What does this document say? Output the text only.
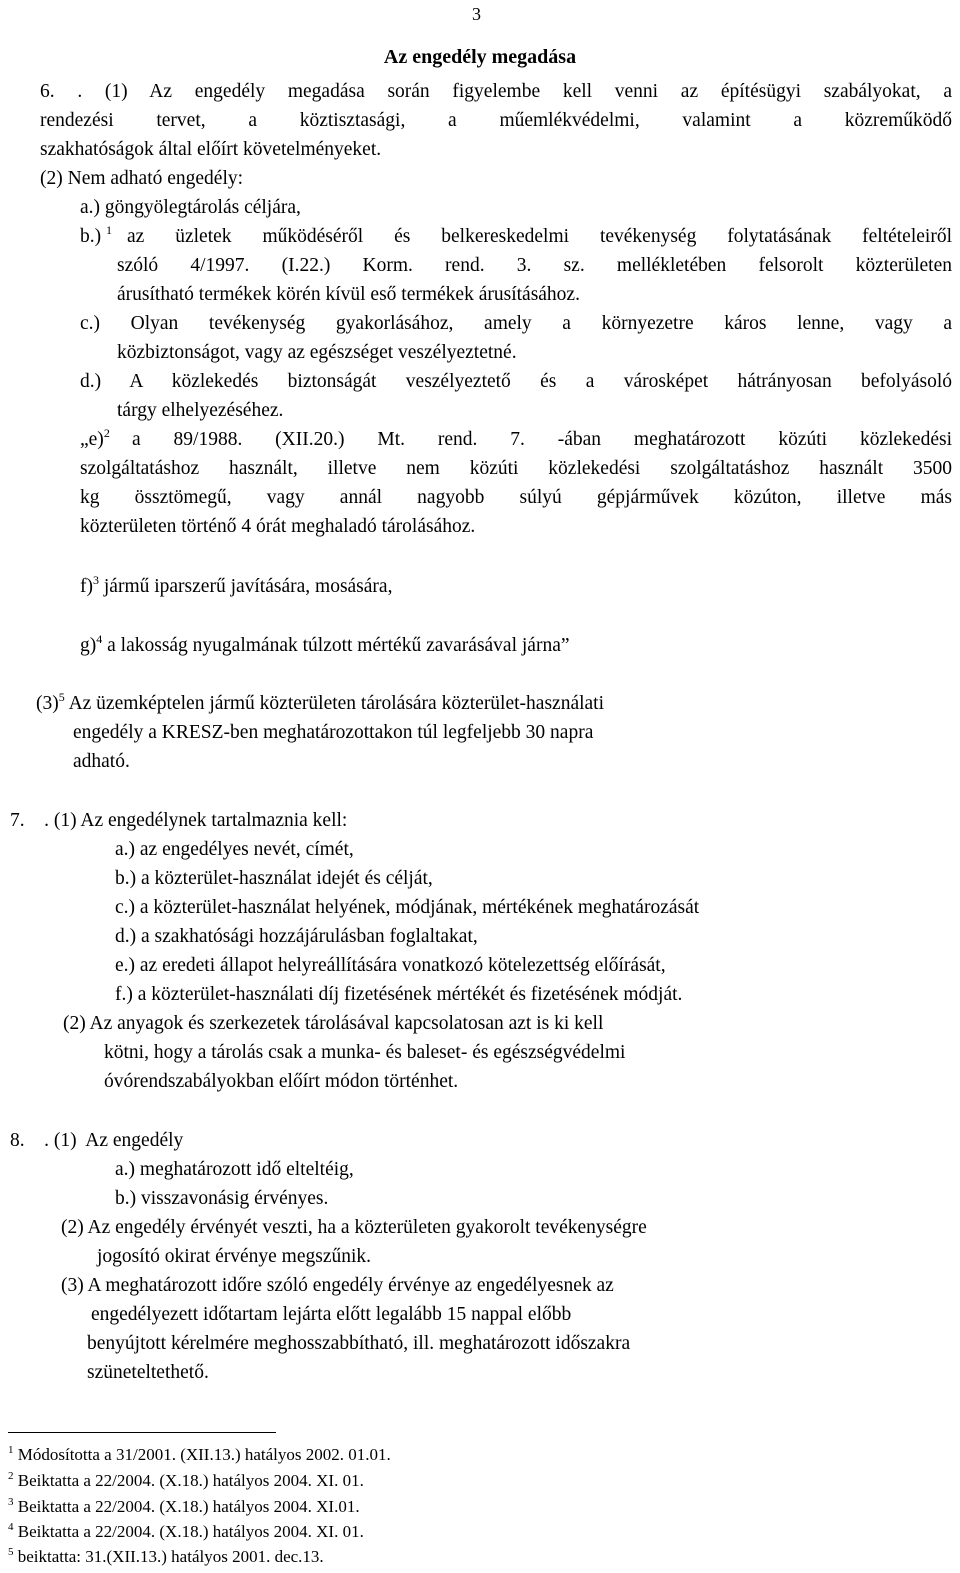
3
Az engedély megadása
6. . (1) Az engedély megadása során figyelembe kell venni az építésügyi szabályokat, a
rendezési tervet, a köztisztasági, a műemlékvédelmi, valamint a közreműködő
szakhatóságok által előírt követelményeket.
(2) Nem adható engedély:
a.) göngyölegtárolás céljára,
b.) $^1$ az üzletek működéséről és belkereskedelmi tevékenység folytatásának feltételeiről
szóló 4/1997. (I.22.) Korm. rend. 3. sz. mellékletében felsorolt közterületen
árusítható termékek körén kívül eső termékek árusításához.
c.) Olyan tevékenység gyakorlásához, amely a környezetre káros lenne, vagy a
közbiztonságot, vagy az egészséget veszélyeztetné.
d.) A közlekedés biztonságát veszélyeztető és a városképet hátrányosan befolyásoló
tárgy elhelyezéséhez.
„e)$^2$ a 89/1988. (XII.20.) Mt. rend. 7. -ában meghatározott közúti közlekedési
szolgáltatáshoz használt, illetve nem közúti közlekedési szolgáltatáshoz használt 3500
kg össztömegű, vagy annál nagyobb súlyú gépjárművek közúton, illetve más
közterületen történő 4 órát meghaladó tárolásához.
f)$^3$ jármű iparszerű javítására, mosására,
g)$^4$ a lakosság nyugalmának túlzott mértékű zavarásával járna”
$(3)^5$ Az üzemképtelen jármű közterületen tárolására közterület-használati
engedély a KRESZ-ben meghatározottakon túl legfeljebb 30 napra
adható.
7.    . (1) Az engedélynek tartalmaznia kell:
a.) az engedélyes nevét, címét,
b.) a közterület-használat idejét és célját,
c.) a közterület-használat helyének, módjának, mértékének meghatározását
d.) a szakhatósági hozzájárulásban foglaltakat,
e.) az eredeti állapot helyreállítására vonatkozó kötelezettség előírását,
f.) a közterület-használati díj fizetésének mértékét és fizetésének módját.
(2) Az anyagok és szerkezetek tárolásával kapcsolatosan azt is ki kell
kötni, hogy a tárolás csak a munka- és baleset- és egészségvédelmi
óvórendszabályokban előírt módon történhet.
8.    . (1)  Az engedély
a.) meghatározott idő elteltéig,
b.) visszavonásig érvényes.
(2) Az engedély érvényét veszti, ha a közterületen gyakorolt tevékenységre
jogosító okirat érvénye megszűnik.
(3) A meghatározott időre szóló engedély érvénye az engedélyesnek az
engedélyezett időtartam lejárta előtt legalább 15 nappal előbb
benyújtott kérelmére meghosszabbítható, ill. meghatározott időszakra
szüneteltethető.
$^1$ Módosította a 31/2001. (XII.13.) hatályos 2002. 01.01.
$^2$ Beiktatta a 22/2004. (X.18.) hatályos 2004. XI. 01.
$^3$ Beiktatta a 22/2004. (X.18.) hatályos 2004. XI.01.
$^4$ Beiktatta a 22/2004. (X.18.) hatályos 2004. XI. 01.
$^5$ beiktatta: 31.(XII.13.) hatályos 2001. dec.13.
